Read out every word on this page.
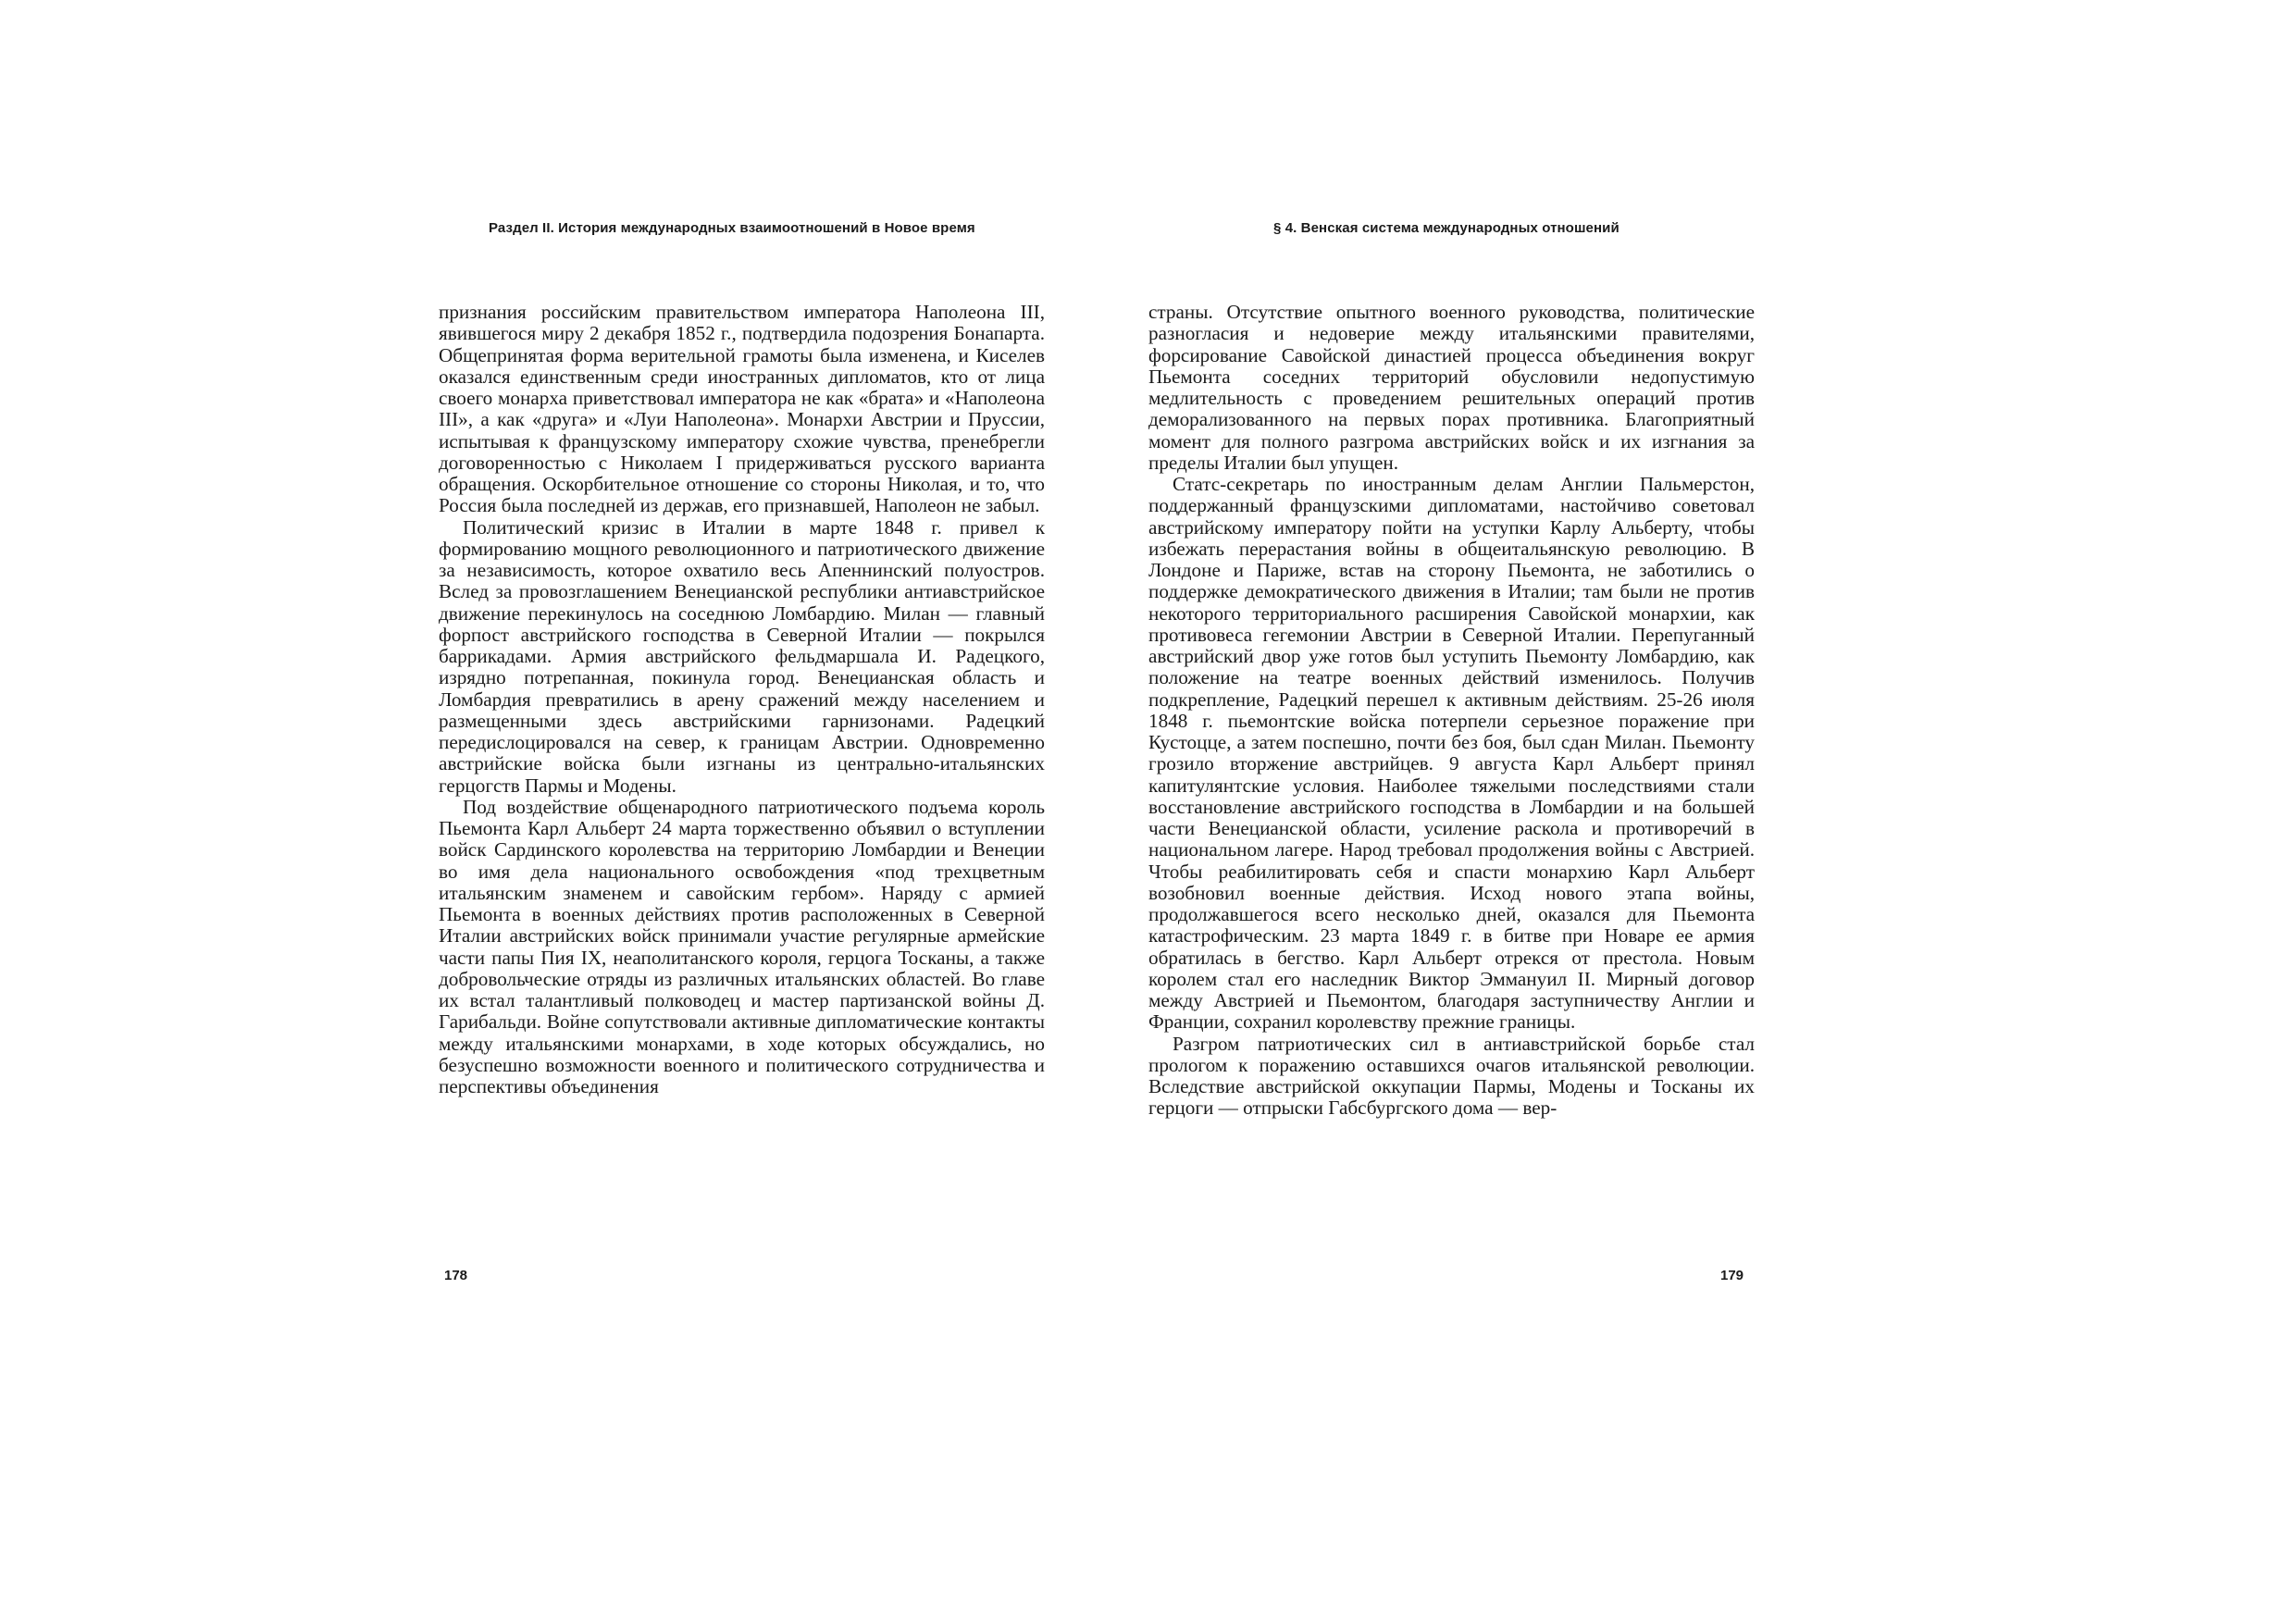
Раздел II. История международных взаимоотношений в Новое время

признания российским правительством императора Наполеона III, явившегося миру 2 декабря 1852 г., подтвердила подозрения Бонапарта. Общепринятая форма верительной грамоты была изменена, и Киселев оказался единственным среди иностранных дипломатов, кто от лица своего монарха приветствовал императора не как «брата» и «Наполеона III», а как «друга» и «Луи Наполеона». Монархи Австрии и Пруссии, испытывая к французскому императору схожие чувства, пренебрегли договоренностью с Николаем I придерживаться русского варианта обращения. Оскорбительное отношение со стороны Николая, и то, что Россия была последней из держав, его признавшей, Наполеон не забыл.

Политический кризис в Италии в марте 1848 г. привел к формированию мощного революционного и патриотического движение за независимость, которое охватило весь Апеннинский полуостров. Вслед за провозглашением Венецианской республики антиавстрийское движение перекинулось на соседнюю Ломбардию. Милан — главный форпост австрийского господства в Северной Италии — покрылся баррикадами. Армия австрийского фельдмаршала И. Радецкого, изрядно потрепанная, покинула город. Венецианская область и Ломбардия превратились в арену сражений между населением и размещенными здесь австрийскими гарнизонами. Радецкий передислоцировался на север, к границам Австрии. Одновременно австрийские войска были изгнаны из центрально-итальянских герцогств Пармы и Модены.

Под воздействие общенародного патриотического подъема король Пьемонта Карл Альберт 24 марта торжественно объявил о вступлении войск Сардинского королевства на территорию Ломбардии и Венеции во имя дела национального освобождения «под трехцветным итальянским знаменем и савойским гербом». Наряду с армией Пьемонта в военных действиях против расположенных в Северной Италии австрийских войск принимали участие регулярные армейские части папы Пия IX, неаполитанского короля, герцога Тосканы, а также добровольческие отряды из различных итальянских областей. Во главе их встал талантливый полководец и мастер партизанской войны Д. Гарибальди. Войне сопутствовали активные дипломатические контакты между итальянскими монархами, в ходе которых обсуждались, но безуспешно возможности военного и политического сотрудничества и перспективы объединения

178
§ 4. Венская система международных отношений

страны. Отсутствие опытного военного руководства, политические разногласия и недоверие между итальянскими правителями, форсирование Савойской династией процесса объединения вокруг Пьемонта соседних территорий обусловили недопустимую медлительность с проведением решительных операций против деморализованного на первых порах противника. Благоприятный момент для полного разгрома австрийских войск и их изгнания за пределы Италии был упущен.

Статс-секретарь по иностранным делам Англии Пальмерстон, поддержанный французскими дипломатами, настойчиво советовал австрийскому императору пойти на уступки Карлу Альберту, чтобы избежать перерастания войны в общеитальянскую революцию. В Лондоне и Париже, встав на сторону Пьемонта, не заботились о поддержке демократического движения в Италии; там были не против некоторого территориального расширения Савойской монархии, как противовеса гегемонии Австрии в Северной Италии. Перепуганный австрийский двор уже готов был уступить Пьемонту Ломбардию, как положение на театре военных действий изменилось. Получив подкрепление, Радецкий перешел к активным действиям. 25-26 июля 1848 г. пьемонтские войска потерпели серьезное поражение при Кустоцце, а затем поспешно, почти без боя, был сдан Милан. Пьемонту грозило вторжение австрийцев. 9 августа Карл Альберт принял капитулянтские условия. Наиболее тяжелыми последствиями стали восстановление австрийского господства в Ломбардии и на большей части Венецианской области, усиление раскола и противоречий в национальном лагере. Народ требовал продолжения войны с Австрией. Чтобы реабилитировать себя и спасти монархию Карл Альберт возобновил военные действия. Исход нового этапа войны, продолжавшегося всего несколько дней, оказался для Пьемонта катастрофическим. 23 марта 1849 г. в битве при Новаре ее армия обратилась в бегство. Карл Альберт отрекся от престола. Новым королем стал его наследник Виктор Эммануил II. Мирный договор между Австрией и Пьемонтом, благодаря заступничеству Англии и Франции, сохранил королевству прежние границы.

Разгром патриотических сил в антиавстрийской борьбе стал прологом к поражению оставшихся очагов итальянской революции. Вследствие австрийской оккупации Пармы, Модены и Тосканы их герцоги — отпрыски Габсбургского дома — вер-

179
